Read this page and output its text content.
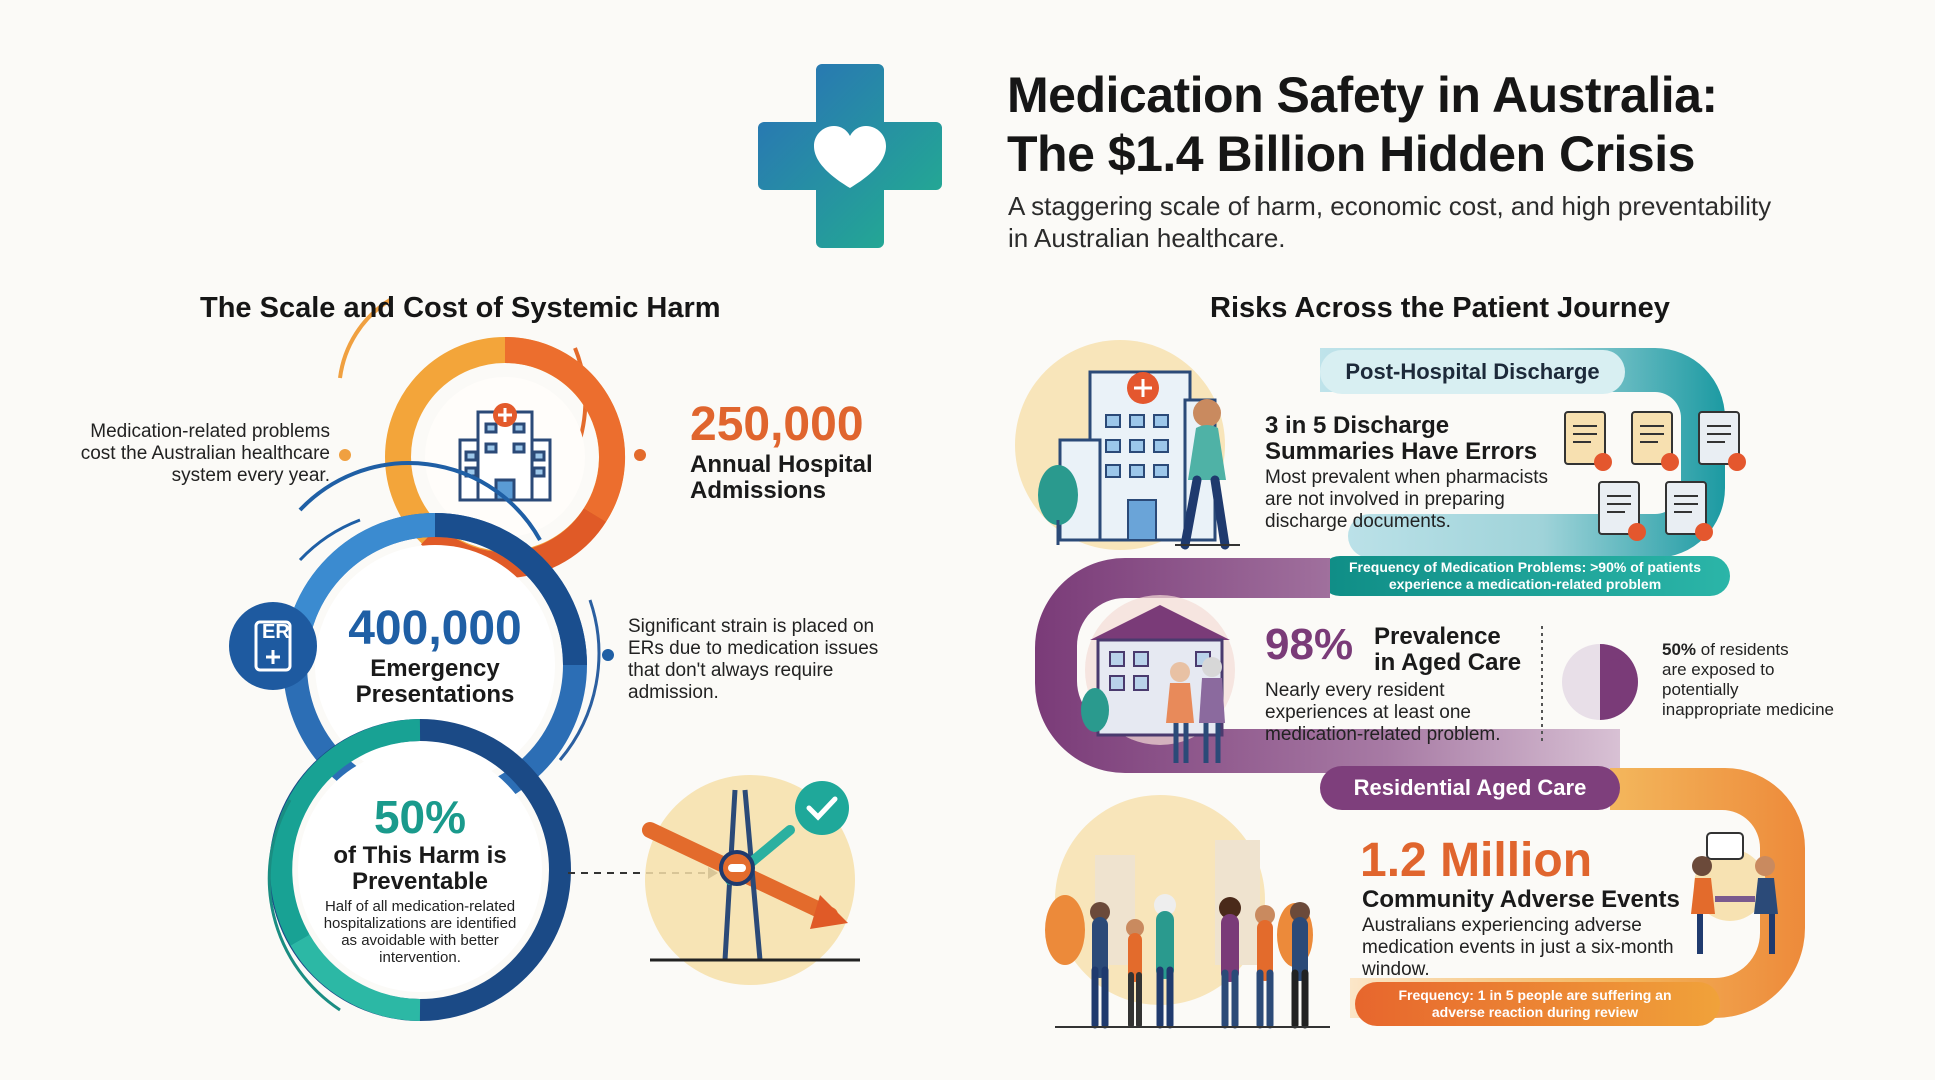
Medication Safety in Australia:
The $1.4 Billion Hidden Crisis
A staggering scale of harm, economic cost, and high preventability
in Australian healthcare.
The Scale and Cost of Systemic Harm	Risks Across the Patient Journey
Medication-related problems
cost the Australian healthcare
system every year.
250,000
Annual Hospital
Admissions
ER 400,000
Emergency
Presentations
Significant strain is placed on
ERs due to medication issues
that don't always require
admission.
50%
of This Harm is
Preventable
Half of all medication-related
hospitalizations are identified
as avoidable with better
intervention.
Post-Hospital Discharge
3 in 5 Discharge
Summaries Have Errors
Most prevalent when pharmacists
are not involved in preparing
discharge documents.
Frequency of Medication Problems: >90% of patients
experience a medication-related problem
98% Prevalence
in Aged Care
Nearly every resident
experiences at least one
medication-related problem.
50% of residents
are exposed to
potentially
inappropriate medicine
Residential Aged Care
1.2 Million
Community Adverse Events
Australians experiencing adverse
medication events in just a six-month
window.
Frequency: 1 in 5 people are suffering an
adverse reaction during review
